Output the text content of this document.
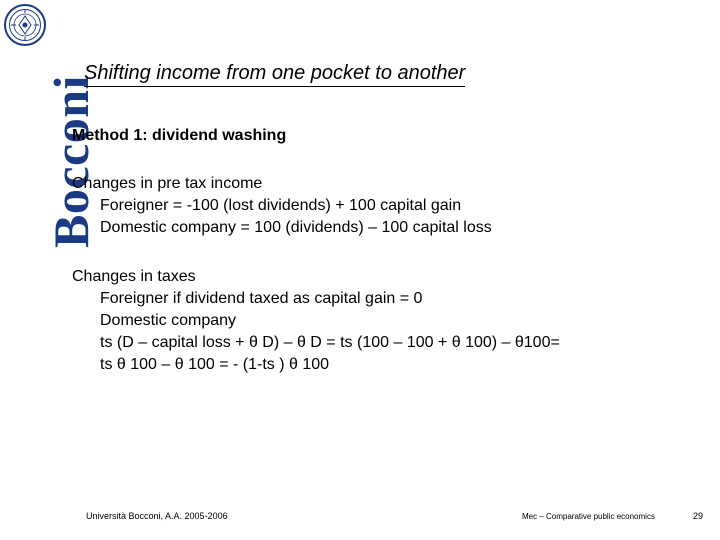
Bocconi
Shifting income from one pocket to another

Method 1: dividend washing

Changes in pre tax income

Foreigner = -100 (lost dividends) + 100 capital gain

Domestic company = 100 (dividends) – 100 capital loss

Changes in taxes

Foreigner if dividend taxed as capital gain = 0

Domestic company

ts (D – capital loss + θ D) – θ D = ts (100 – 100 + θ 100) – θ100=

ts θ 100 – θ 100 = - (1-ts ) θ 100

Università Bocconi, A.A. 2005-2006	Mec – Comparative public economics	29
